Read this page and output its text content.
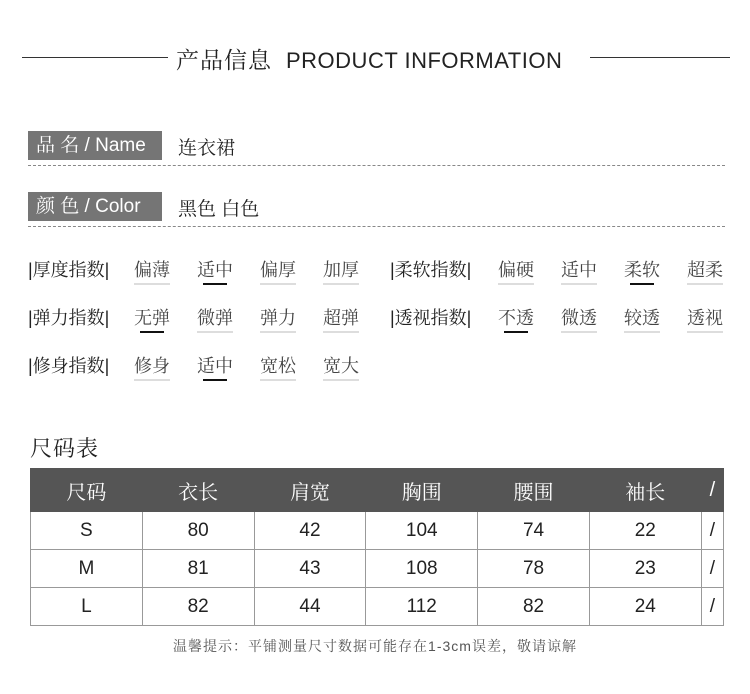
产品信息 PRODUCT INFORMATION
品 名 / Name	连衣裙
颜 色 / Color	黑色 白色
|厚度指数| 偏薄 适中 偏厚 加厚 |柔软指数| 偏硬 适中 柔软 超柔
|弹力指数| 无弹 微弹 弹力 超弹 |透视指数| 不透 微透 较透 透视
|修身指数| 修身 适中 宽松 宽大
尺码表
尺码	衣长	肩宽	胸围	腰围	袖长	/
S	80	42	104	74	22	/
M	81	43	108	78	23	/
L	82	44	112	82	24	/
温馨提示：平铺测量尺寸数据可能存在1-3cm误差，敬请谅解
